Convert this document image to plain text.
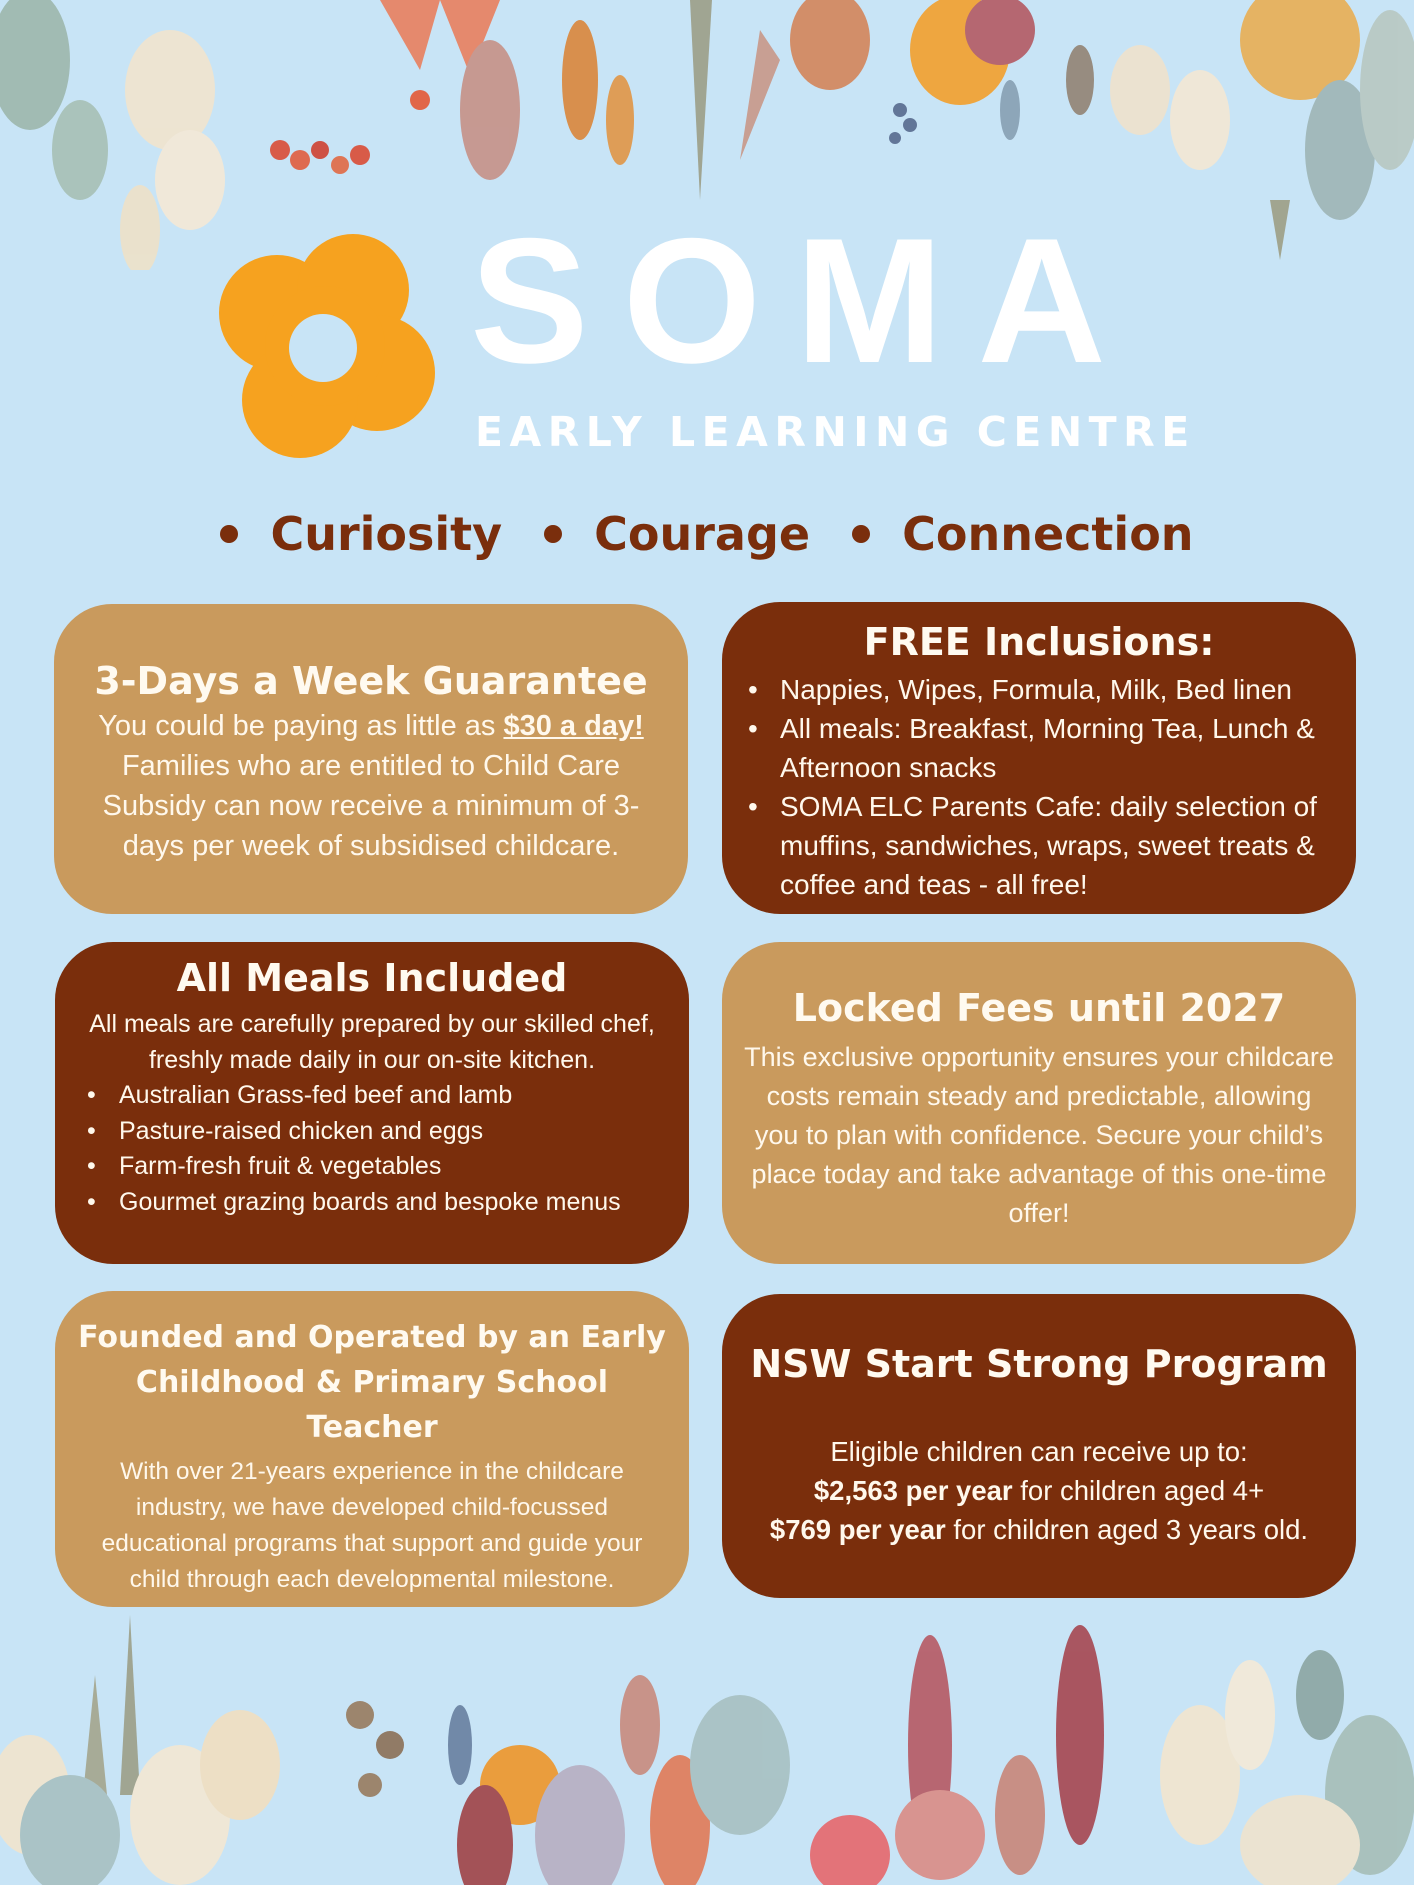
SOMA
EARLY LEARNING CENTRE
Curiosity Courage Connection
3-Days a Week Guarantee

You could be paying as little as $30 a day!

Families who are entitled to Child Care Subsidy can now receive a minimum of 3-days per week of subsidised childcare.

FREE Inclusions:
• Nappies, Wipes, Formula, Milk, Bed linen
• All meals: Breakfast, Morning Tea, Lunch & Afternoon snacks
• SOMA ELC Parents Cafe: daily selection of muffins, sandwiches, wraps, sweet treats & coffee and teas - all free!
All Meals Included

All meals are carefully prepared by our skilled chef, freshly made daily in our on-site kitchen.

• Australian Grass-fed beef and lamb
• Pasture-raised chicken and eggs
• Farm-fresh fruit & vegetables
• Gourmet grazing boards and bespoke menus
Locked Fees until 2027

This exclusive opportunity ensures your childcare costs remain steady and predictable, allowing you to plan with confidence. Secure your child’s place today and take advantage of this one-time offer!

Founded and Operated by an Early Childhood & Primary School Teacher

With over 21-years experience in the childcare industry, we have developed child-focussed educational programs that support and guide your child through each developmental milestone.

NSW Start Strong Program

Eligible children can receive up to:

$2,563 per year for children aged 4+

$769 per year for children aged 3 years old.
